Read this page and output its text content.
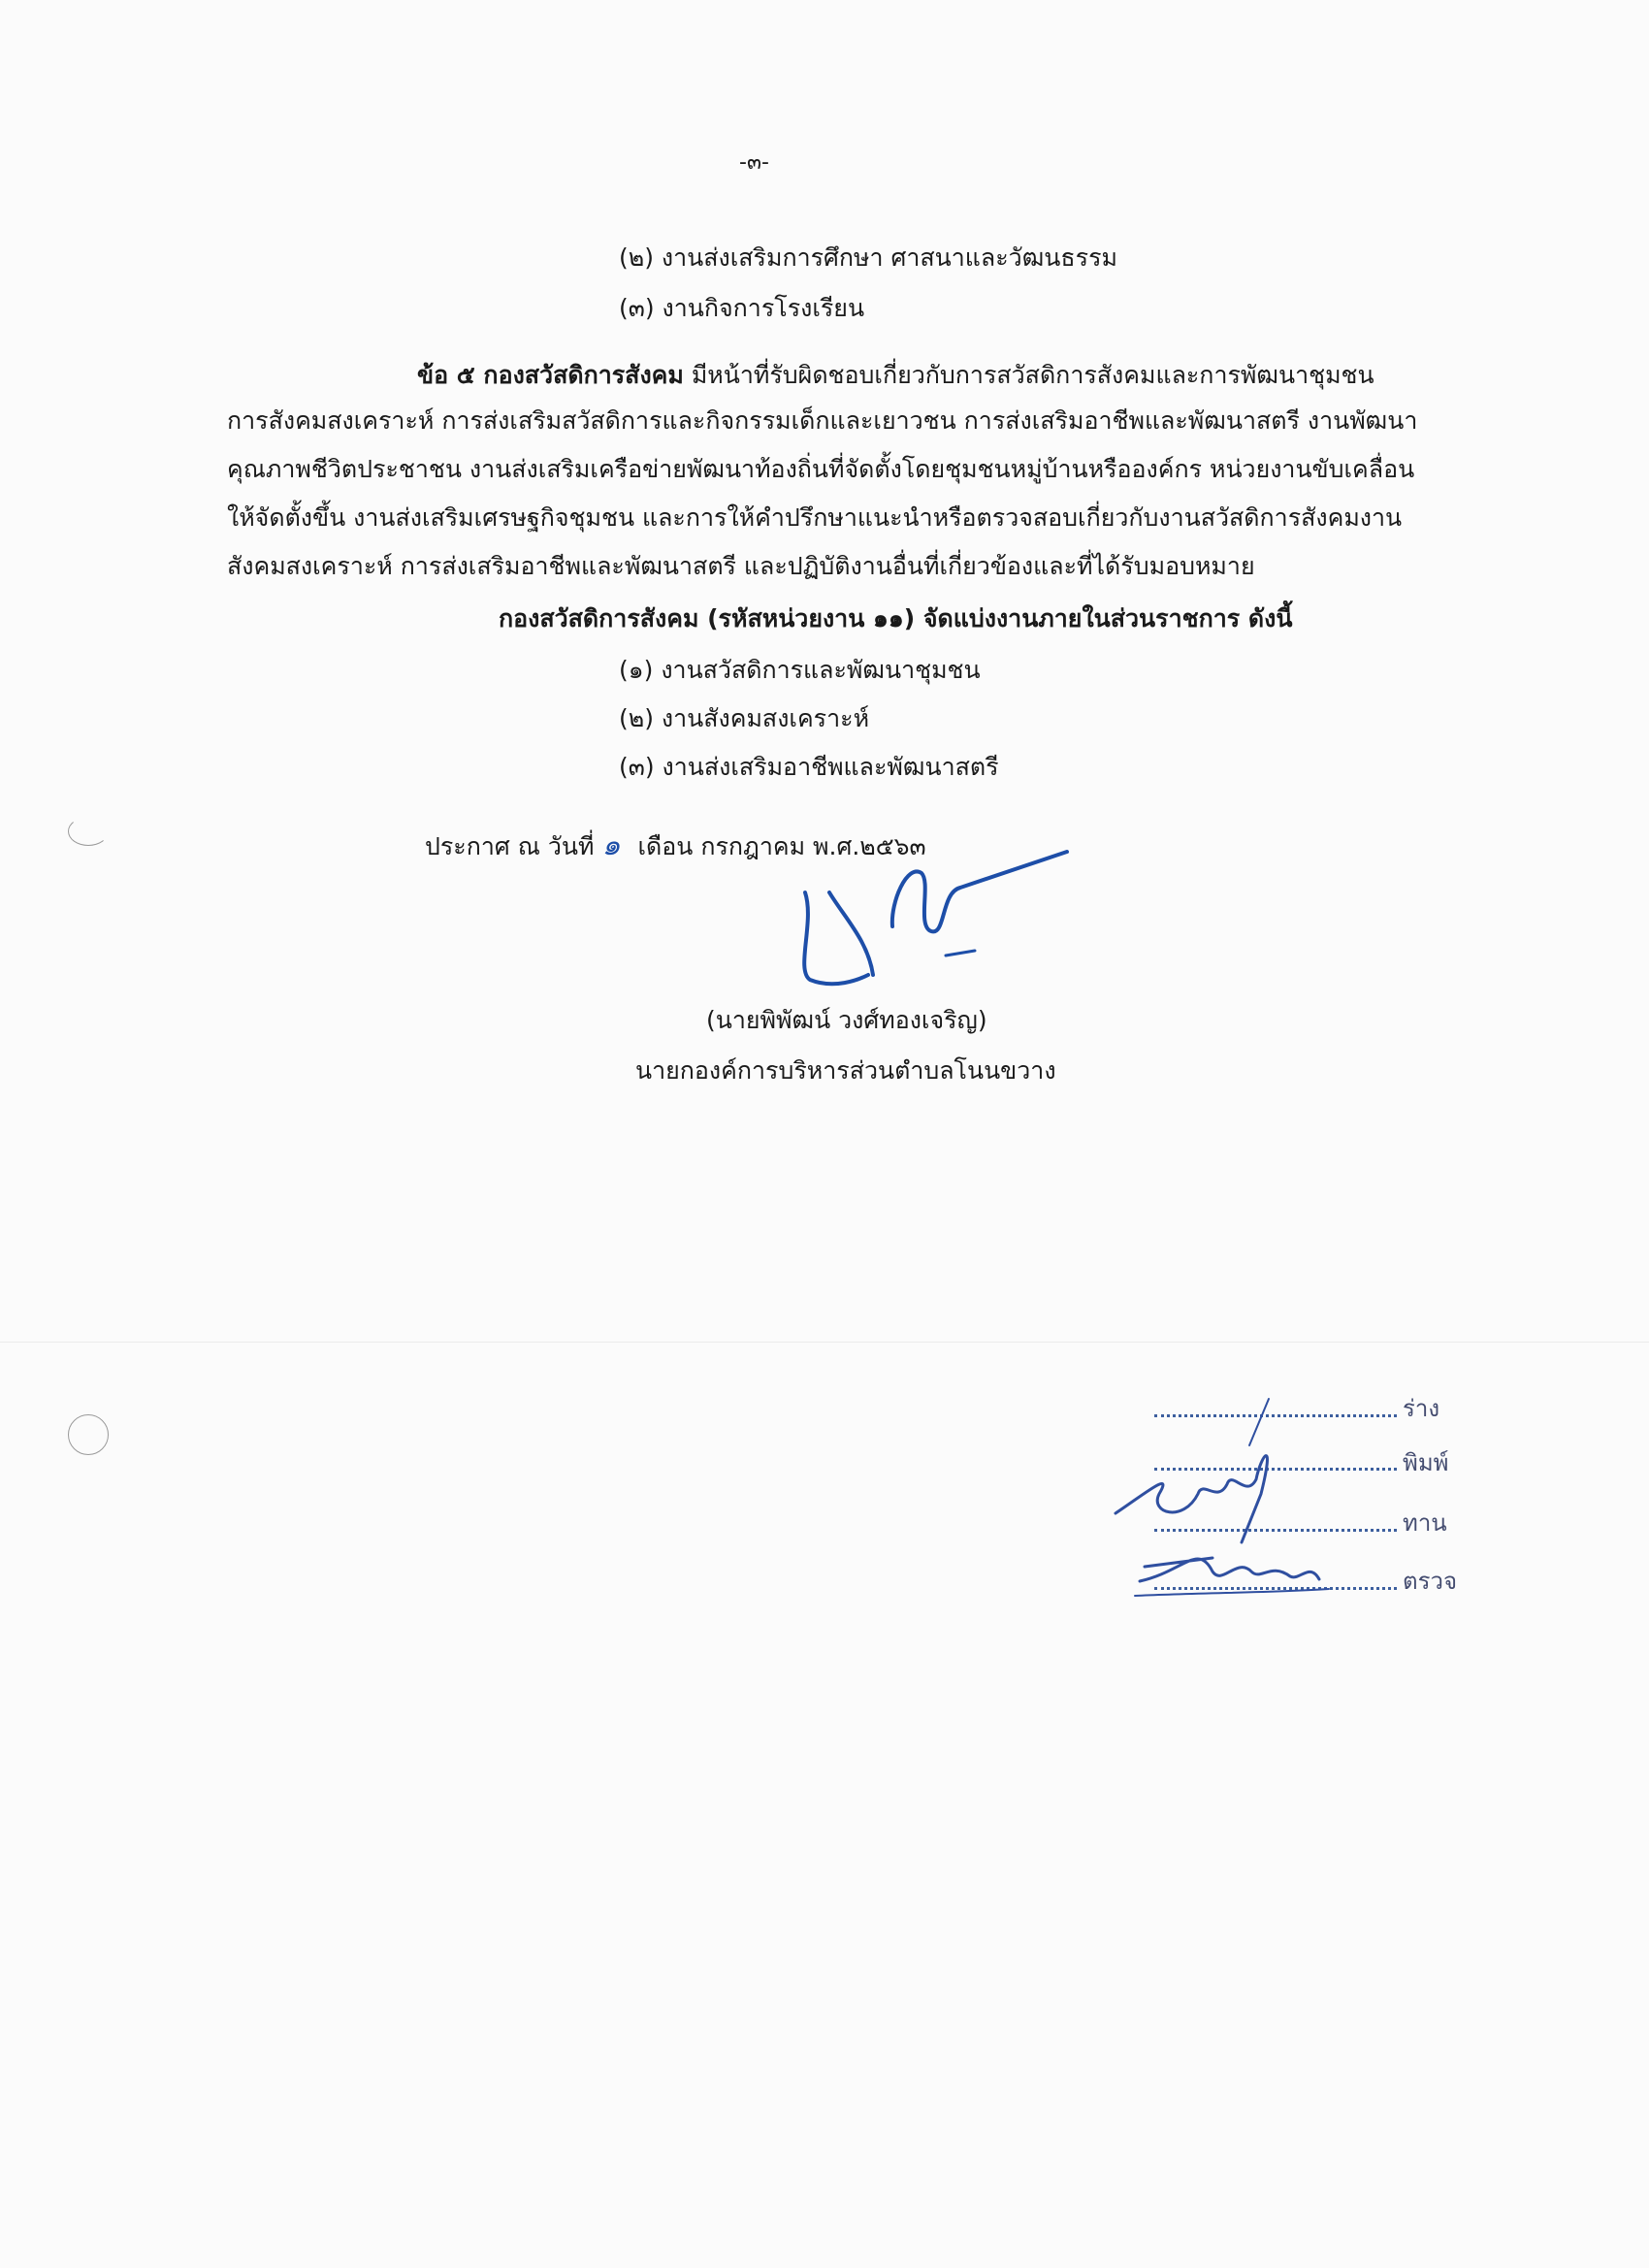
-๓-
(๒) งานส่งเสริมการศึกษา ศาสนาและวัฒนธรรม
(๓) งานกิจการโรงเรียน
ข้อ ๕ กองสวัสดิการสังคม มีหน้าที่รับผิดชอบเกี่ยวกับการสวัสดิการสังคมและการพัฒนาชุมชน
การสังคมสงเคราะห์ การส่งเสริมสวัสดิการและกิจกรรมเด็กและเยาวชน การส่งเสริมอาชีพและพัฒนาสตรี งานพัฒนา
คุณภาพชีวิตประชาชน งานส่งเสริมเครือข่ายพัฒนาท้องถิ่นที่จัดตั้งโดยชุมชนหมู่บ้านหรือองค์กร หน่วยงานขับเคลื่อน
ให้จัดตั้งขึ้น งานส่งเสริมเศรษฐกิจชุมชน และการให้คำปรึกษาแนะนำหรือตรวจสอบเกี่ยวกับงานสวัสดิการสังคมงาน
สังคมสงเคราะห์ การส่งเสริมอาชีพและพัฒนาสตรี และปฏิบัติงานอื่นที่เกี่ยวข้องและที่ได้รับมอบหมาย
กองสวัสดิการสังคม (รหัสหน่วยงาน ๑๑) จัดแบ่งงานภายในส่วนราชการ ดังนี้
(๑) งานสวัสดิการและพัฒนาชุมชน
(๒) งานสังคมสงเคราะห์
(๓) งานส่งเสริมอาชีพและพัฒนาสตรี
ประกาศ ณ วันที่ ๑ เดือน กรกฎาคม พ.ศ.๒๕๖๓
(นายพิพัฒน์ วงศ์ทองเจริญ)
นายกองค์การบริหารส่วนตำบลโนนขวาง
ร่าง
พิมพ์
ทาน
ตรวจ
